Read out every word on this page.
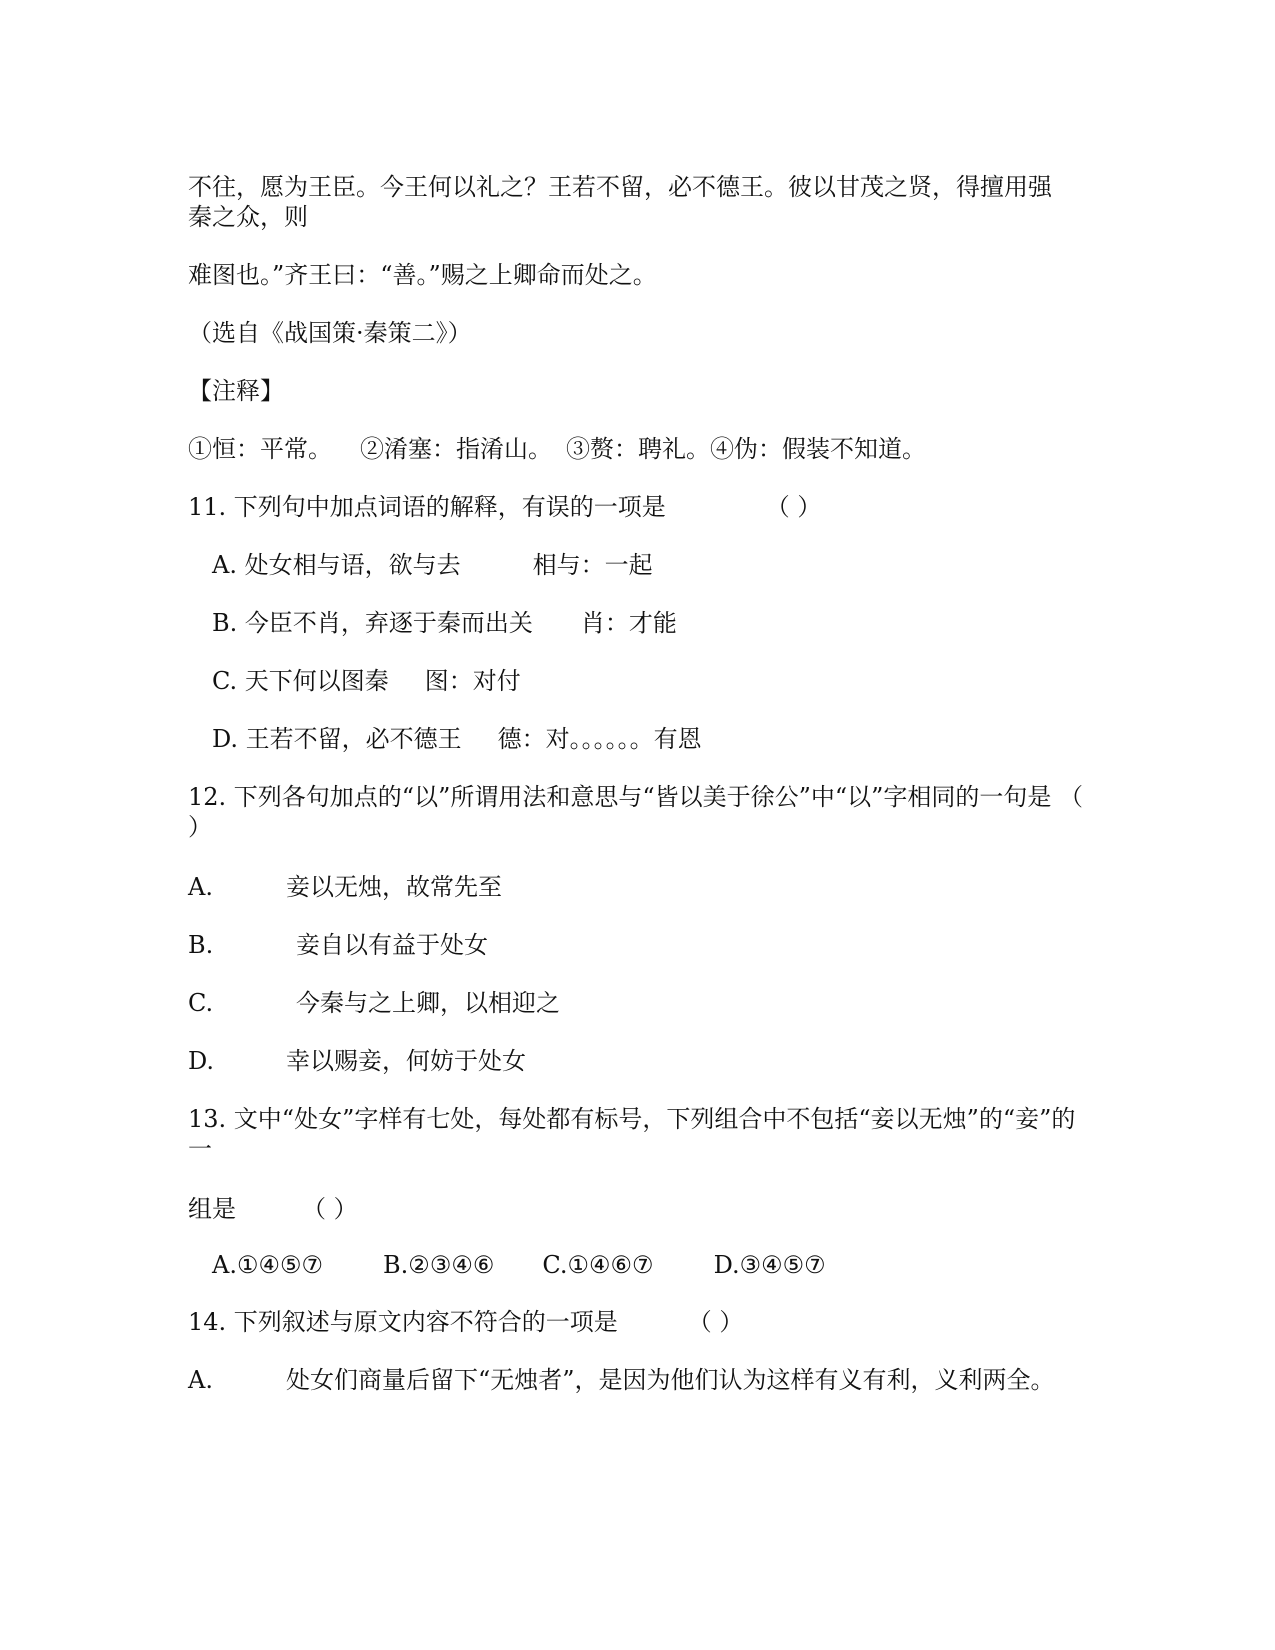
不往，愿为王臣。今王何以礼之？王若不留，必不德王。彼以甘茂之贤，得擅用强
秦之众，则
难图也。”齐王曰：“善。”赐之上卿命而处之。
（选自《战国策·秦策二》）
【注释】
①恒：平常。 ②淆塞：指淆山。 ③赘：聘礼。④伪：假装不知道。
11. 下列句中加点词语的解释，有误的一项是	（ ）
A. 处女相与语，欲与去	相与：一起
B. 今臣不肖，弃逐于秦而出关 肖：才能
C. 天下何以图秦 图：对付
D. 王若不留，必不德王 德：对。。。。。。有恩
12. 下列各句加点的“以”所谓用法和意思与“皆以美于徐公”中“以”字相同的一句是 （
）
A.	妾以无烛，故常先至
B.	妾自以有益于处女
C.	今秦与之上卿，以相迎之
D.	幸以赐妾，何妨于处女
13. 文中“处女”字样有七处，每处都有标号，下列组合中不包括“妾以无烛”的“妾”的
一
组是	（ ）
A.①④⑤⑦	B.②③④⑥ C.①④⑥⑦	D.③④⑤⑦
14. 下列叙述与原文内容不符合的一项是	（ ）
A.	处女们商量后留下“无烛者”，是因为他们认为这样有义有利，义利两全。
